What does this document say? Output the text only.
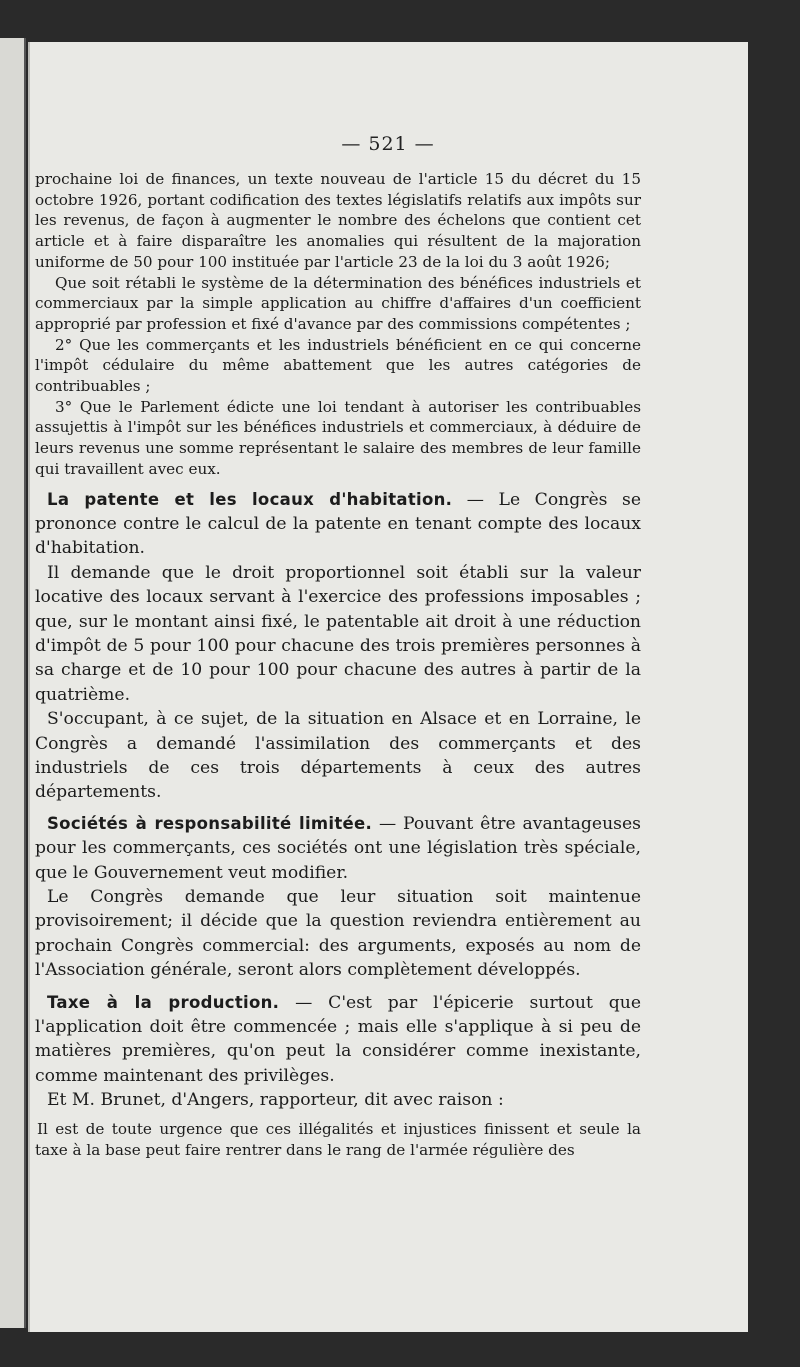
— 521 —

prochaine loi de finances, un texte nouveau de l'article 15 du décret du 15 octobre 1926, portant codification des textes législatifs relatifs aux impôts sur les revenus, de façon à augmenter le nombre des échelons que contient cet article et à faire disparaître les anomalies qui résultent de la majoration uniforme de 50 pour 100 instituée par l'article 23 de la loi du 3 août 1926;

Que soit rétabli le système de la détermination des bénéfices industriels et commerciaux par la simple application au chiffre d'affaires d'un coefficient approprié par profession et fixé d'avance par des commissions compétentes ;

2° Que les commerçants et les industriels bénéficient en ce qui concerne l'impôt cédulaire du même abattement que les autres catégories de contribuables ;

3° Que le Parlement édicte une loi tendant à autoriser les contribuables assujettis à l'impôt sur les bénéfices industriels et commerciaux, à déduire de leurs revenus une somme représentant le salaire des membres de leur famille qui travaillent avec eux.

La patente et les locaux d'habitation. — Le Congrès se prononce contre le calcul de la patente en tenant compte des locaux d'habitation.

Il demande que le droit proportionnel soit établi sur la valeur locative des locaux servant à l'exercice des professions imposables ; que, sur le montant ainsi fixé, le patentable ait droit à une réduction d'impôt de 5 pour 100 pour chacune des trois premières personnes à sa charge et de 10 pour 100 pour chacune des autres à partir de la quatrième.

S'occupant, à ce sujet, de la situation en Alsace et en Lorraine, le Congrès a demandé l'assimilation des commerçants et des industriels de ces trois départements à ceux des autres départements.

Sociétés à responsabilité limitée. — Pouvant être avantageuses pour les commerçants, ces sociétés ont une législation très spéciale, que le Gouvernement veut modifier.

Le Congrès demande que leur situation soit maintenue provisoirement; il décide que la question reviendra entièrement au prochain Congrès commercial: des arguments, exposés au nom de l'Association générale, seront alors complètement développés.

Taxe à la production. — C'est par l'épicerie surtout que l'application doit être commencée ; mais elle s'applique à si peu de matières premières, qu'on peut la considérer comme inexistante, comme maintenant des privilèges.

Et M. Brunet, d'Angers, rapporteur, dit avec raison :

Il est de toute urgence que ces illégalités et injustices finissent et seule la taxe à la base peut faire rentrer dans le rang de l'armée régulière des
